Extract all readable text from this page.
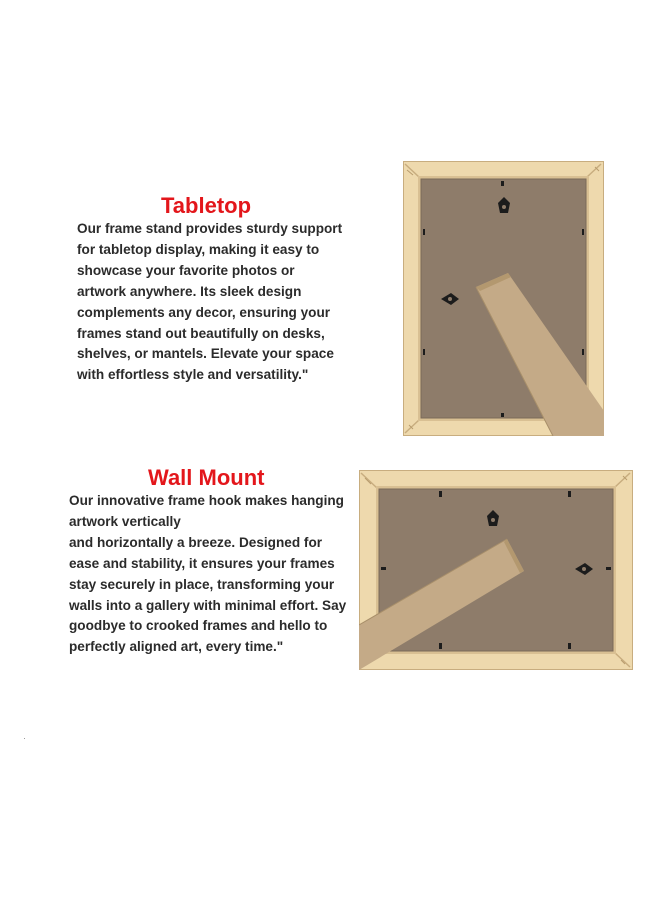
Tabletop

Our frame stand provides sturdy support
for tabletop display, making it easy to
showcase your favorite photos or
artwork anywhere. Its sleek design
complements any decor, ensuring your
frames stand out beautifully on desks,
shelves, or mantels. Elevate your space
with effortless style and versatility."

Wall Mount

Our innovative frame hook makes hanging
artwork vertically
and horizontally a breeze. Designed for
ease and stability, it ensures your frames
stay securely in place, transforming your
walls into a gallery with minimal effort. Say
goodbye to crooked frames and hello to
perfectly aligned art, every time."
